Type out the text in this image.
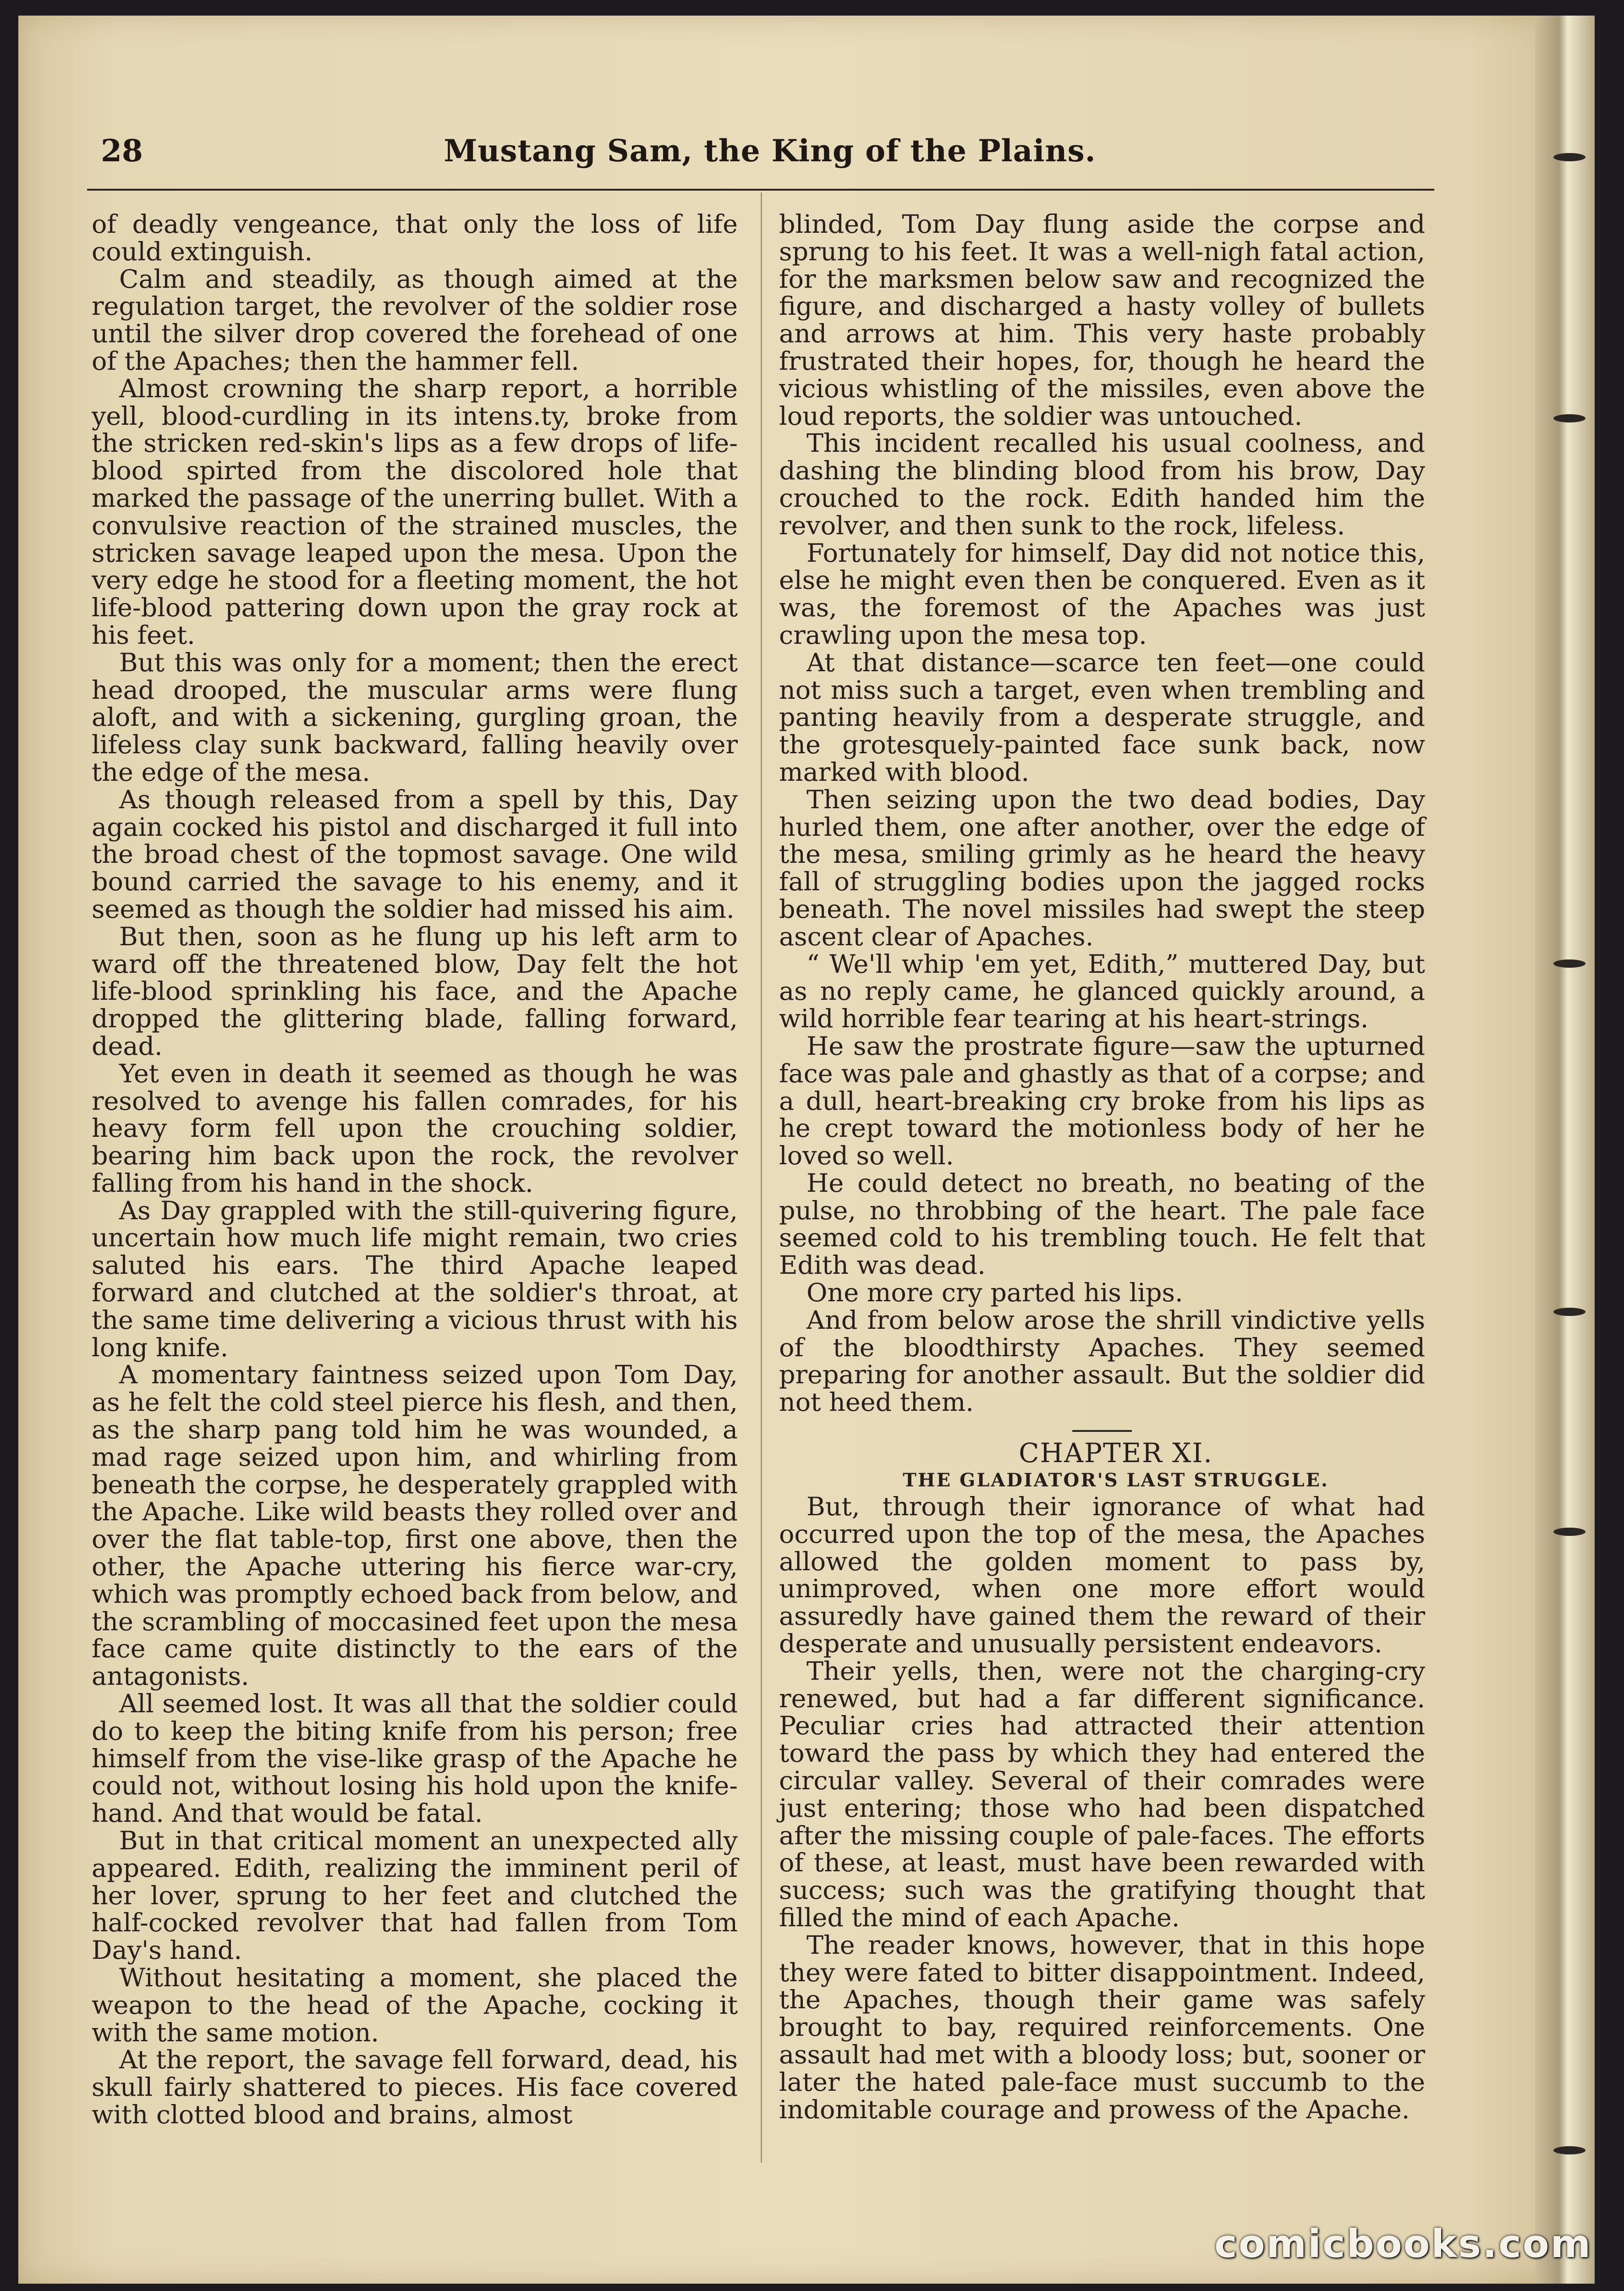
28	Mustang Sam, the King of the Plains.

of deadly vengeance, that only the loss of life could extinguish.

Calm and steadily, as though aimed at the regulation target, the revolver of the soldier rose until the silver drop covered the forehead of one of the Apaches; then the hammer fell.

Almost crowning the sharp report, a horrible yell, blood-curdling in its intens.ty, broke from the stricken red-skin's lips as a few drops of life-blood spirted from the discolored hole that marked the passage of the unerring bullet. With a convulsive reaction of the strained muscles, the stricken savage leaped upon the mesa. Upon the very edge he stood for a fleeting moment, the hot life-blood pattering down upon the gray rock at his feet.

But this was only for a moment; then the erect head drooped, the muscular arms were flung aloft, and with a sickening, gurgling groan, the lifeless clay sunk backward, falling heavily over the edge of the mesa.

As though released from a spell by this, Day again cocked his pistol and discharged it full into the broad chest of the topmost savage. One wild bound carried the savage to his enemy, and it seemed as though the soldier had missed his aim.

But then, soon as he flung up his left arm to ward off the threatened blow, Day felt the hot life-blood sprinkling his face, and the Apache dropped the glittering blade, falling forward, dead.

Yet even in death it seemed as though he was resolved to avenge his fallen comrades, for his heavy form fell upon the crouching soldier, bearing him back upon the rock, the revolver falling from his hand in the shock.

As Day grappled with the still-quivering figure, uncertain how much life might remain, two cries saluted his ears. The third Apache leaped forward and clutched at the soldier's throat, at the same time delivering a vicious thrust with his long knife.

A momentary faintness seized upon Tom Day, as he felt the cold steel pierce his flesh, and then, as the sharp pang told him he was wounded, a mad rage seized upon him, and whirling from beneath the corpse, he desperately grappled with the Apache. Like wild beasts they rolled over and over the flat table-top, first one above, then the other, the Apache uttering his fierce war-cry, which was promptly echoed back from below, and the scrambling of moccasined feet upon the mesa face came quite distinctly to the ears of the antagonists.

All seemed lost. It was all that the soldier could do to keep the biting knife from his person; free himself from the vise-like grasp of the Apache he could not, without losing his hold upon the knife-hand. And that would be fatal.

But in that critical moment an unexpected ally appeared. Edith, realizing the imminent peril of her lover, sprung to her feet and clutched the half-cocked revolver that had fallen from Tom Day's hand.

Without hesitating a moment, she placed the weapon to the head of the Apache, cocking it with the same motion.

At the report, the savage fell forward, dead, his skull fairly shattered to pieces. His face covered with clotted blood and brains, almost

blinded, Tom Day flung aside the corpse and sprung to his feet. It was a well-nigh fatal action, for the marksmen below saw and recognized the figure, and discharged a hasty volley of bullets and arrows at him. This very haste probably frustrated their hopes, for, though he heard the vicious whistling of the missiles, even above the loud reports, the soldier was untouched.

This incident recalled his usual coolness, and dashing the blinding blood from his brow, Day crouched to the rock. Edith handed him the revolver, and then sunk to the rock, lifeless.

Fortunately for himself, Day did not notice this, else he might even then be conquered. Even as it was, the foremost of the Apaches was just crawling upon the mesa top.

At that distance—scarce ten feet—one could not miss such a target, even when trembling and panting heavily from a desperate struggle, and the grotesquely-painted face sunk back, now marked with blood.

Then seizing upon the two dead bodies, Day hurled them, one after another, over the edge of the mesa, smiling grimly as he heard the heavy fall of struggling bodies upon the jagged rocks beneath. The novel missiles had swept the steep ascent clear of Apaches.

“ We'll whip 'em yet, Edith,” muttered Day, but as no reply came, he glanced quickly around, a wild horrible fear tearing at his heart-strings.

He saw the prostrate figure—saw the upturned face was pale and ghastly as that of a corpse; and a dull, heart-breaking cry broke from his lips as he crept toward the motionless body of her he loved so well.

He could detect no breath, no beating of the pulse, no throbbing of the heart. The pale face seemed cold to his trembling touch. He felt that Edith was dead.

One more cry parted his lips.

And from below arose the shrill vindictive yells of the bloodthirsty Apaches. They seemed preparing for another assault. But the soldier did not heed them.

CHAPTER XI.

THE GLADIATOR'S LAST STRUGGLE.

But, through their ignorance of what had occurred upon the top of the mesa, the Apaches allowed the golden moment to pass by, unimproved, when one more effort would assuredly have gained them the reward of their desperate and unusually persistent endeavors.

Their yells, then, were not the charging-cry renewed, but had a far different significance. Peculiar cries had attracted their attention toward the pass by which they had entered the circular valley. Several of their comrades were just entering; those who had been dispatched after the missing couple of pale-faces. The efforts of these, at least, must have been rewarded with success; such was the gratifying thought that filled the mind of each Apache.

The reader knows, however, that in this hope they were fated to bitter disappointment. Indeed, the Apaches, though their game was safely brought to bay, required reinforcements. One assault had met with a bloody loss; but, sooner or later the hated pale-face must succumb to the indomitable courage and prowess of the Apache.

comicbooks.com
